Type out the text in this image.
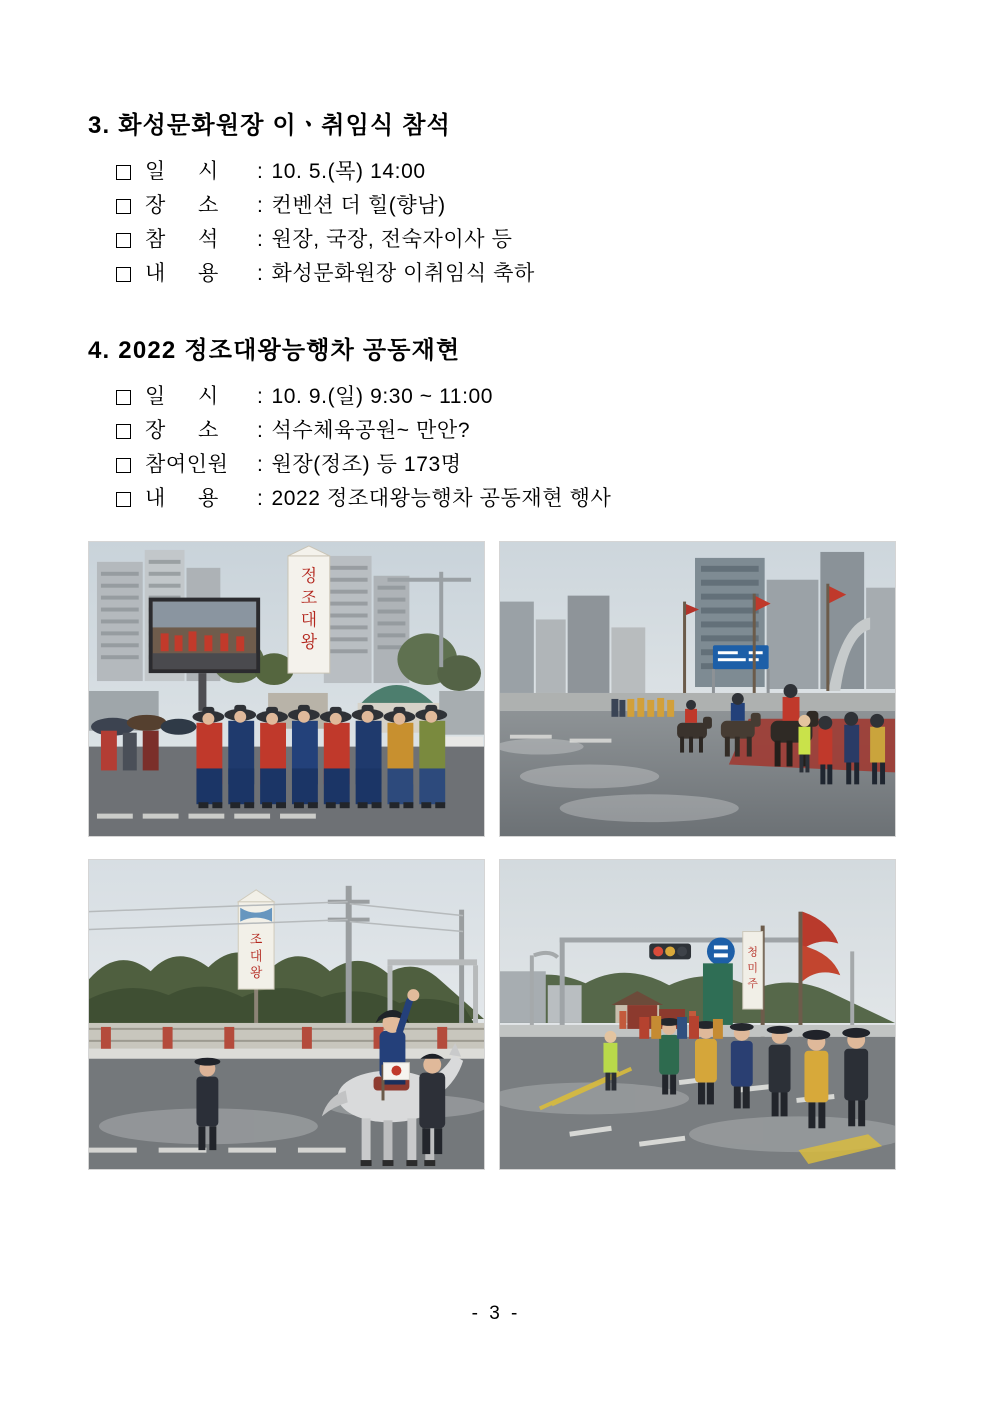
3. 화성문화원장 이ㆍ취임식 참석
일     시	: 10. 5.(목) 14:00
장     소	: 컨벤션 더 힐(향남)
참     석	: 원장, 국장, 전숙자이사 등
내     용	: 화성문화원장 이취임식 축하
4. 2022 정조대왕능행차 공동재현
일     시	: 10. 9.(일) 9:30 ~ 11:00
장     소	: 석수체육공원~ 만안?
참여인원	: 원장(정조) 등 173명
내     용	: 2022 정조대왕능행차 공동재현 행사
정
조
대
왕
조
대
왕
청
미
주
- 3 -
